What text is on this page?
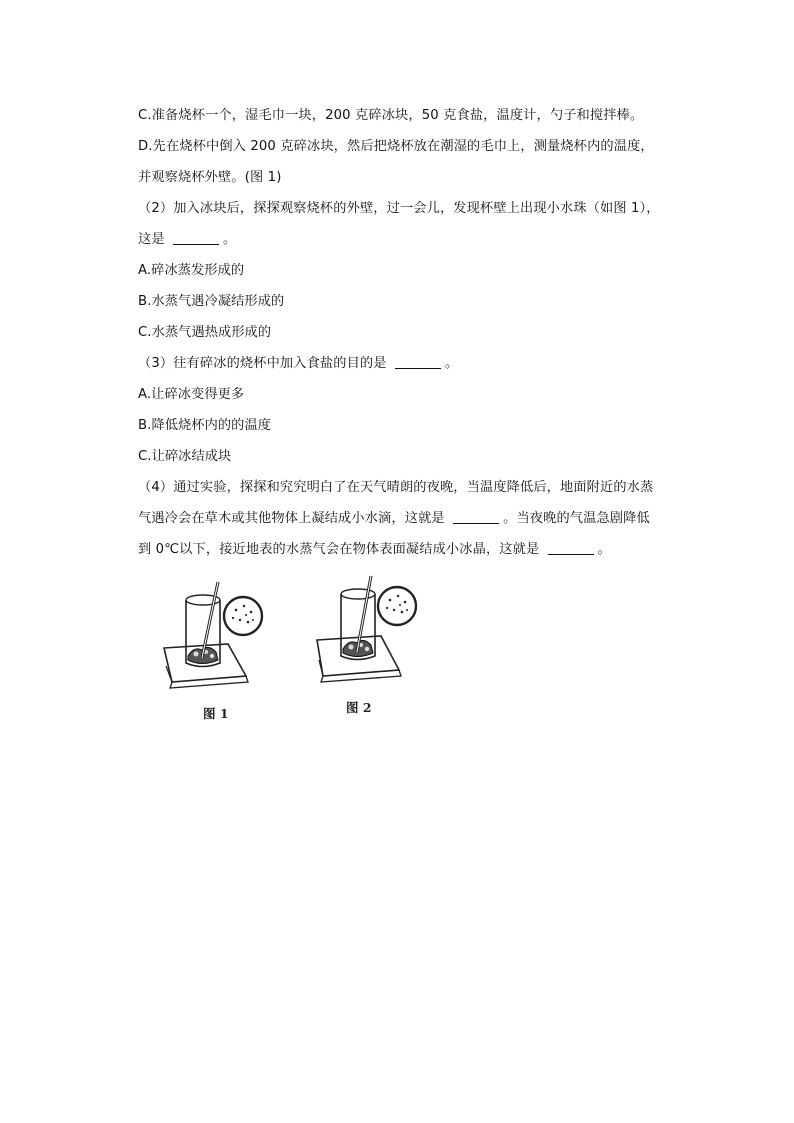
C.准备烧杯一个，湿毛巾一块，200 克碎冰块，50 克食盐，温度计，勺子和搅拌棒。
D.先在烧杯中倒入 200 克碎冰块，然后把烧杯放在潮湿的毛巾上，测量烧杯内的温度，
并观察烧杯外壁。(图 1)
（2）加入冰块后，探探观察烧杯的外壁，过一会儿，发现杯壁上出现小水珠（如图 1），
这是	。
A.碎冰蒸发形成的
B.水蒸气遇冷凝结形成的
C.水蒸气遇热成形成的
（3）往有碎冰的烧杯中加入食盐的目的是	。
A.让碎冰变得更多
B.降低烧杯内的的温度
C.让碎冰结成块
（4）通过实验，探探和究究明白了在天气晴朗的夜晚，当温度降低后，地面附近的水蒸
气遇冷会在草木或其他物体上凝结成小水滴，这就是	。当夜晚的气温急剧降低
到 0℃以下，接近地表的水蒸气会在物体表面凝结成小冰晶，这就是	。
图 1	图 2
